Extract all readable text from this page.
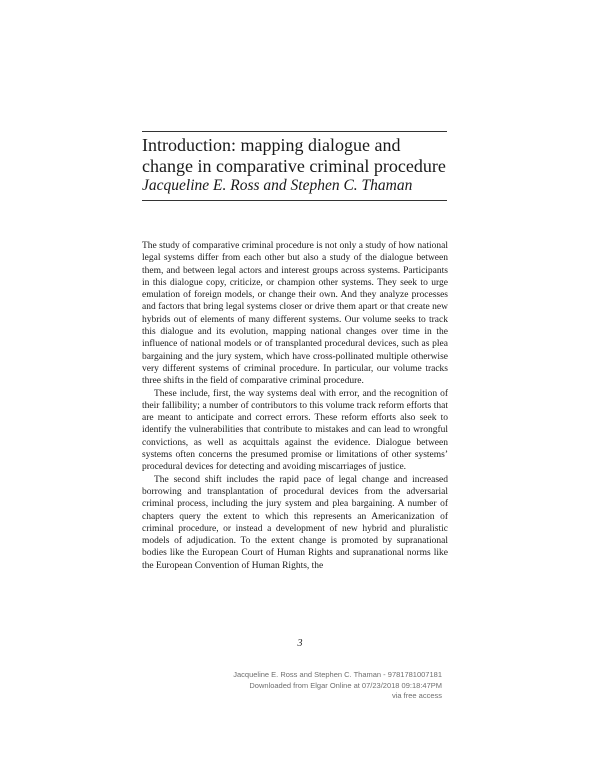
Introduction: mapping dialogue and change in comparative criminal procedure
Jacqueline E. Ross and Stephen C. Thaman

The study of comparative criminal procedure is not only a study of how national legal systems differ from each other but also a study of the dialogue between them, and between legal actors and interest groups across systems. Participants in this dialogue copy, criticize, or champion other systems. They seek to urge emulation of foreign models, or change their own. And they analyze processes and factors that bring legal systems closer or drive them apart or that create new hybrids out of elements of many different systems. Our volume seeks to track this dialogue and its evolution, mapping national changes over time in the influence of national models or of transplanted procedural devices, such as plea bargaining and the jury system, which have cross-pollinated multiple otherwise very different systems of criminal procedure. In particular, our volume tracks three shifts in the field of comparative criminal procedure.

These include, first, the way systems deal with error, and the recognition of their fallibility; a number of contributors to this volume track reform efforts that are meant to anticipate and correct errors. These reform efforts also seek to identify the vulnerabilities that contribute to mistakes and can lead to wrongful convictions, as well as acquittals against the evidence. Dialogue between systems often concerns the presumed promise or limitations of other systems’ procedural devices for detecting and avoiding miscarriages of justice.

The second shift includes the rapid pace of legal change and increased borrowing and transplantation of procedural devices from the adversarial criminal process, including the jury system and plea bargaining. A number of chapters query the extent to which this represents an Americanization of criminal procedure, or instead a development of new hybrid and pluralistic models of adjudication. To the extent change is promoted by supranational bodies like the European Court of Human Rights and supranational norms like the European Convention of Human Rights, the

3
Jacqueline E. Ross and Stephen C. Thaman - 9781781007181
Downloaded from Elgar Online at 07/23/2018 09:18:47PM
via free access
